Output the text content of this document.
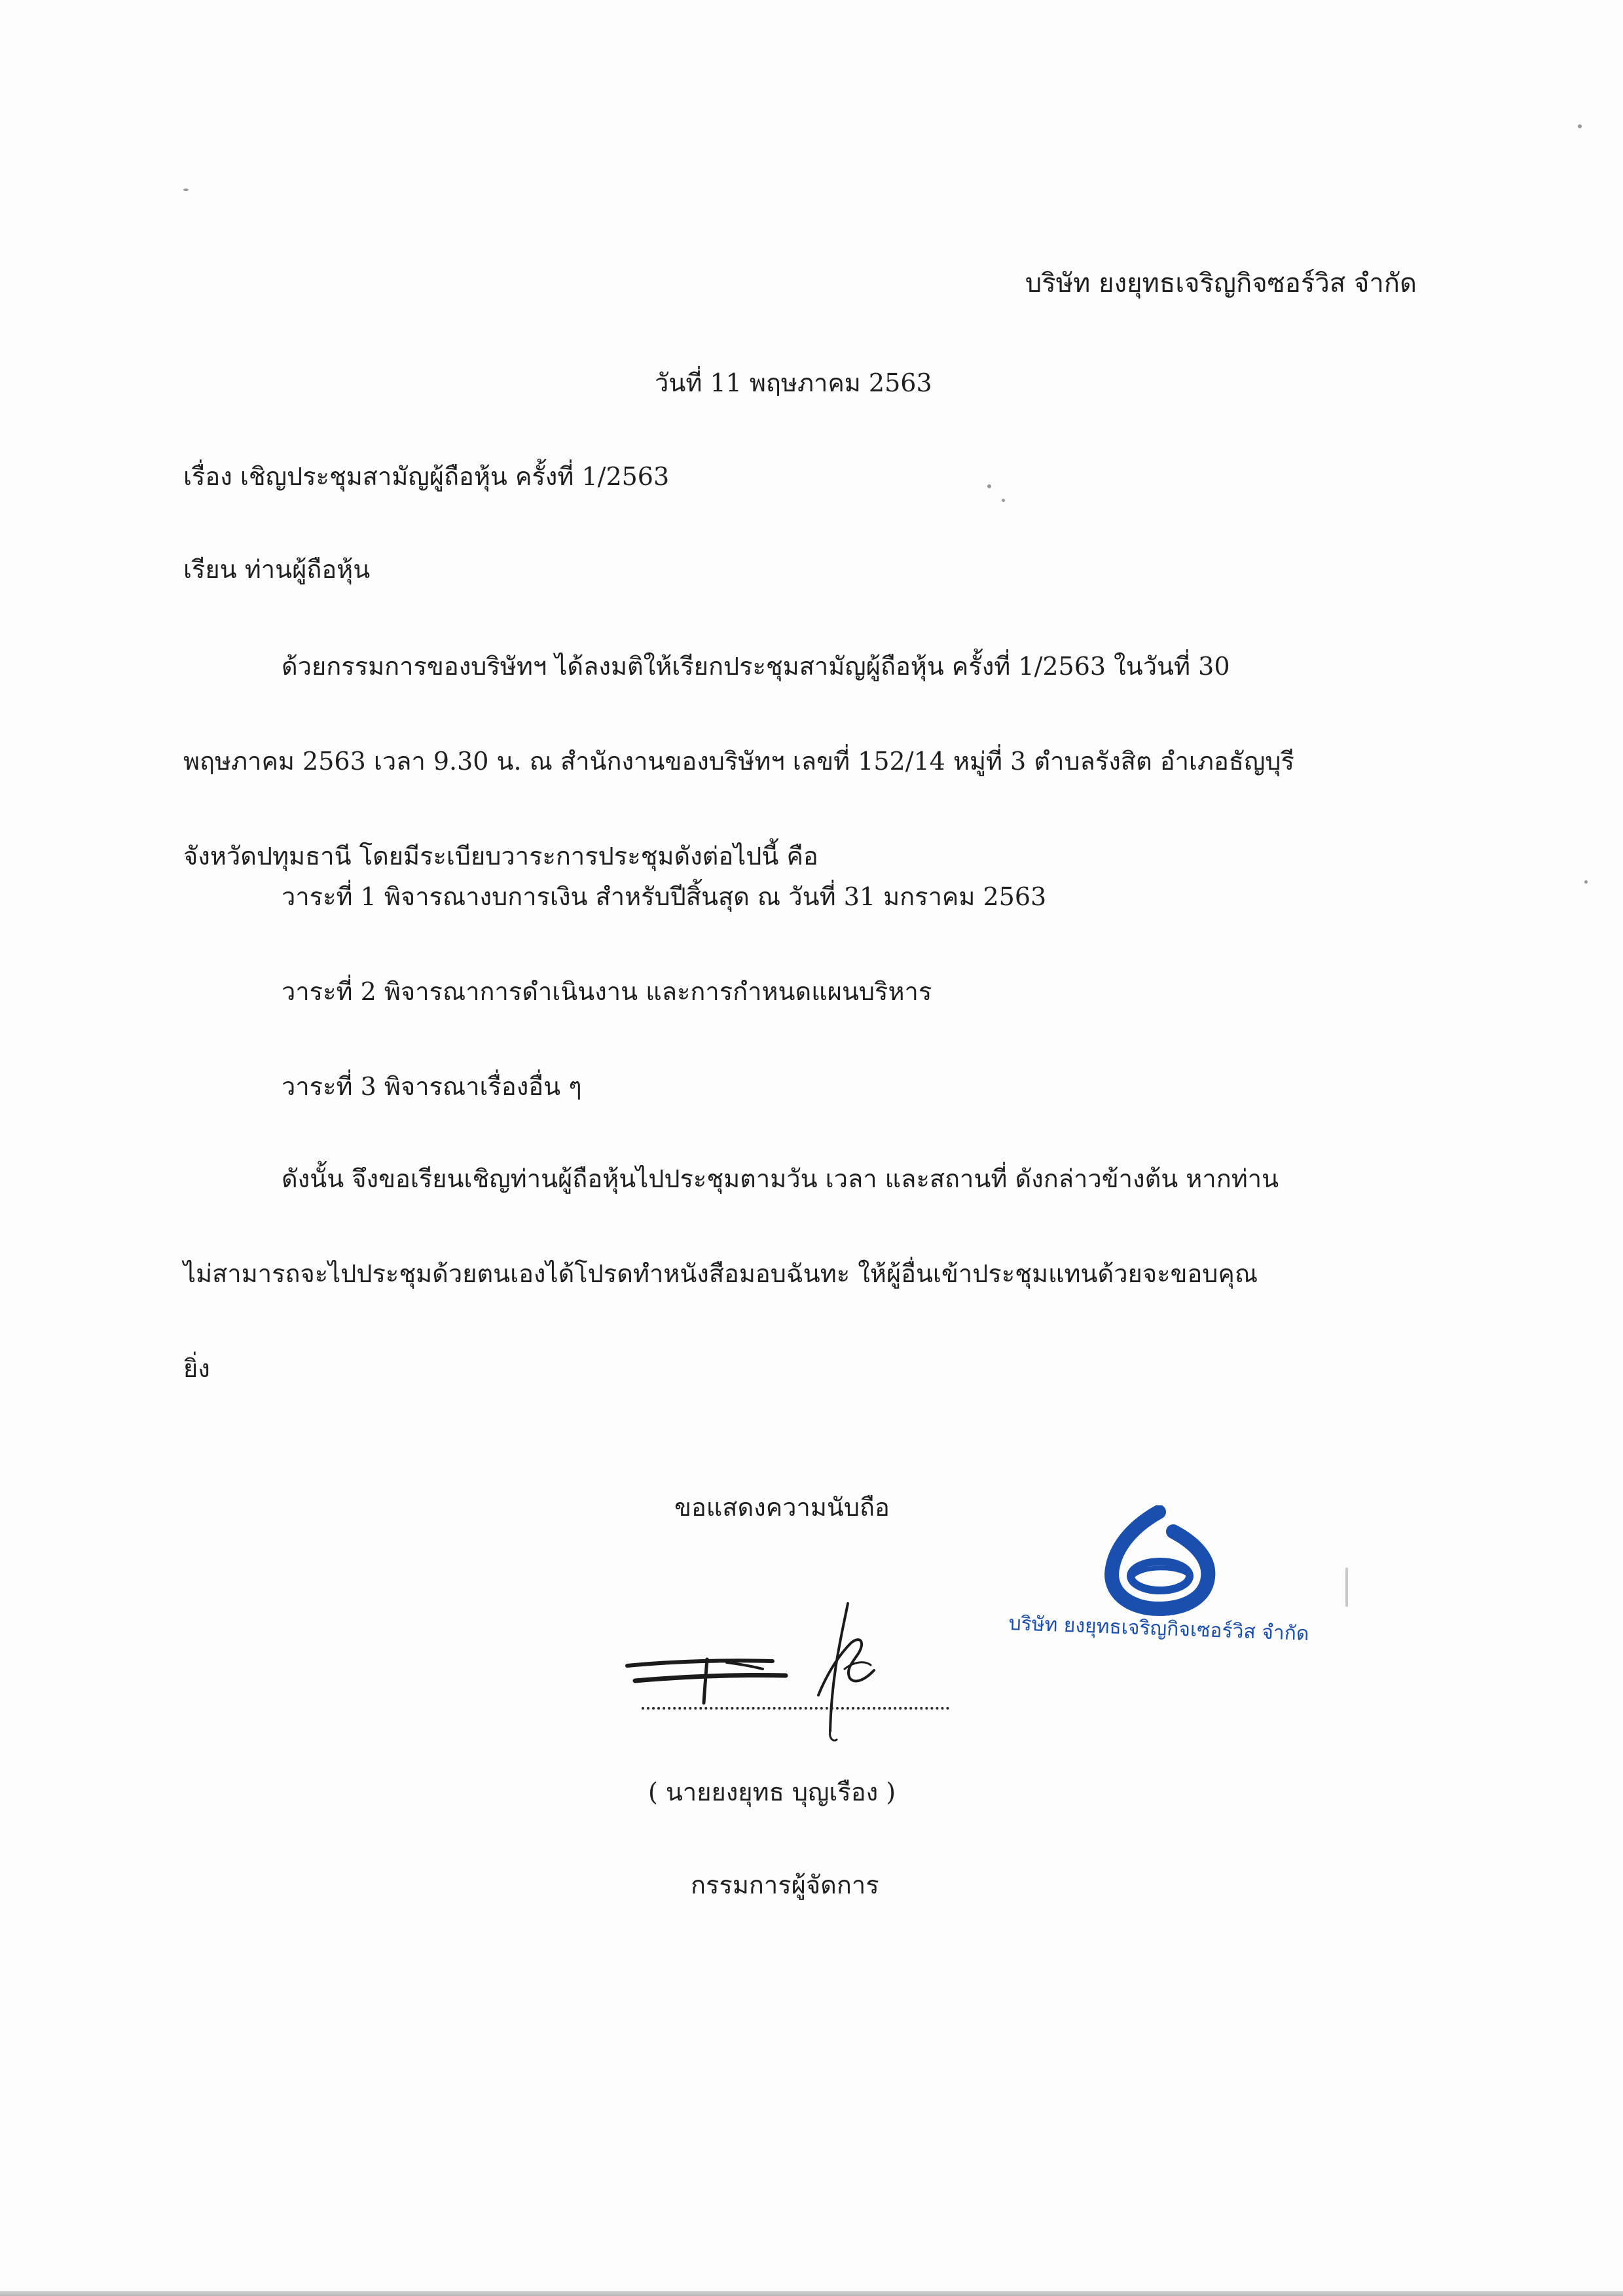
บริษัท ยงยุทธเจริญกิจซอร์วิส จำกัด
วันที่ 11 พฤษภาคม 2563
เรื่อง เชิญประชุมสามัญผู้ถือหุ้น ครั้งที่ 1/2563
เรียน ท่านผู้ถือหุ้น
ด้วยกรรมการของบริษัทฯ ได้ลงมติให้เรียกประชุมสามัญผู้ถือหุ้น ครั้งที่ 1/2563 ในวันที่ 30
พฤษภาคม 2563 เวลา 9.30 น. ณ สำนักงานของบริษัทฯ เลขที่ 152/14 หมู่ที่ 3 ตำบลรังสิต อำเภอธัญบุรี
จังหวัดปทุมธานี โดยมีระเบียบวาระการประชุมดังต่อไปนี้ คือ
วาระที่ 1 พิจารณางบการเงิน สำหรับปีสิ้นสุด ณ วันที่ 31 มกราคม 2563
วาระที่ 2 พิจารณาการดำเนินงาน และการกำหนดแผนบริหาร
วาระที่ 3 พิจารณาเรื่องอื่น ๆ
ดังนั้น จึงขอเรียนเชิญท่านผู้ถือหุ้นไปประชุมตามวัน เวลา และสถานที่ ดังกล่าวข้างต้น หากท่าน
ไม่สามารถจะไปประชุมด้วยตนเองได้โปรดทำหนังสือมอบฉันทะ ให้ผู้อื่นเข้าประชุมแทนด้วยจะขอบคุณ
ยิ่ง
ขอแสดงความนับถือ
( นายยงยุทธ บุญเรือง )
กรรมการผู้จัดการ
บริษัท ยงยุทธเจริญกิจเซอร์วิส จำกัด
